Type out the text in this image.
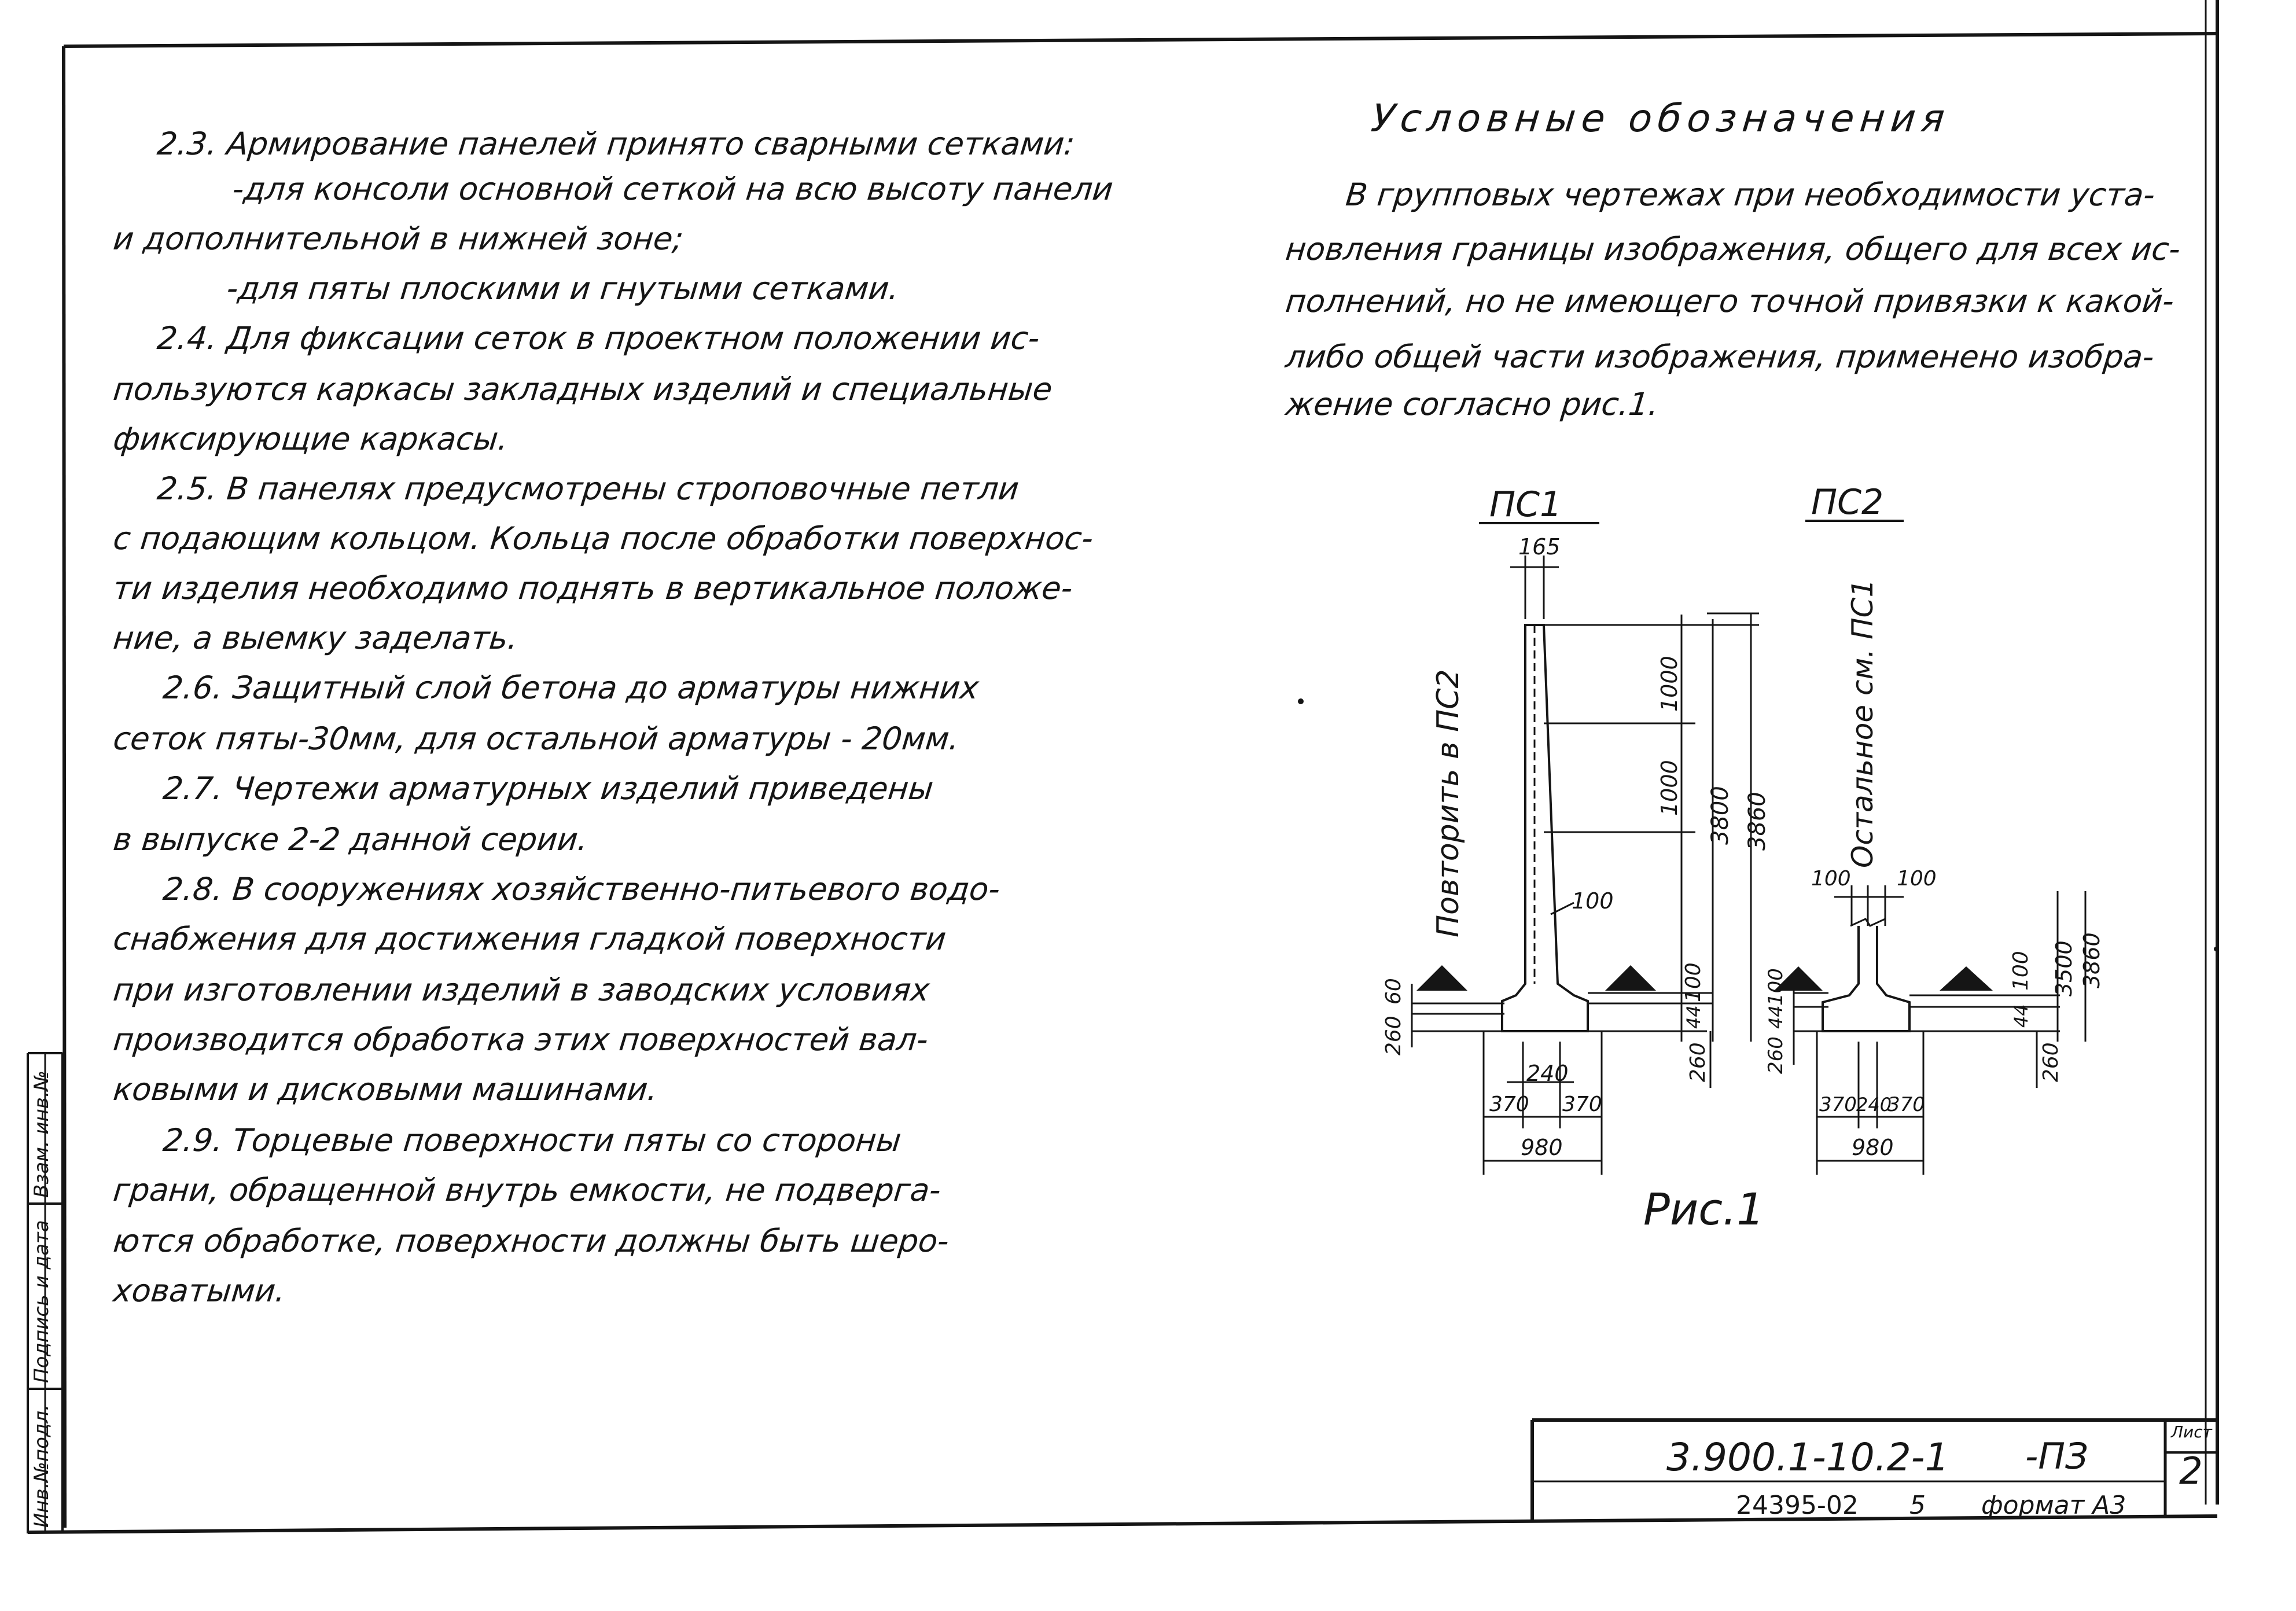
2.3. Армирование панелей принято сварными сетками:
-для консоли основной сеткой на всю высоту панели
и дополнительной в нижней зоне;
-для пяты плоскими и гнутыми сетками.
2.4. Для фиксации сеток в проектном положении ис-
пользуются каркасы закладных изделий и специальные
фиксирующие каркасы.
2.5. В панелях предусмотрены строповочные петли
с подающим кольцом. Кольца после обработки поверхнос-
ти изделия необходимо поднять в вертикальное положе-
ние, а выемку заделать.
2.6. Защитный слой бетона до арматуры нижних
сеток пяты-30мм, для остальной арматуры - 20мм.
2.7. Чертежи арматурных изделий приведены
в выпуске 2-2 данной серии.
2.8. В сооружениях хозяйственно-питьевого водо-
снабжения для достижения гладкой поверхности
при изготовлении изделий в заводских условиях
производится обработка этих поверхностей вал-
ковыми и дисковыми машинами.
2.9. Торцевые поверхности пяты со стороны
грани, обращенной внутрь емкости, не подверга-
ются обработке, поверхности должны быть шеро-
ховатыми.
Условные обозначения
В групповых чертежах при необходимости уста-
новления границы изображения, общего для всех ис-
полнений, но не имеющего точной привязки к какой-
либо общей части изображения, применено изобра-
жение согласно рис.1.
ПС1
Повторить в ПС2
165
1000
1000 3800 3860
100
100
44
260
60
260
240
370 370
980
ПС2
Остальное см. ПС1
100 100
100 3500 3860
44
100
44
260	260
370 240
370
980
Рис.1
3.900.1-10.2-1 -ПЗ
Лист
2
24395-02 5 формат А3
Инв.№подл.
Подпись и дата
Взам. инв.№
